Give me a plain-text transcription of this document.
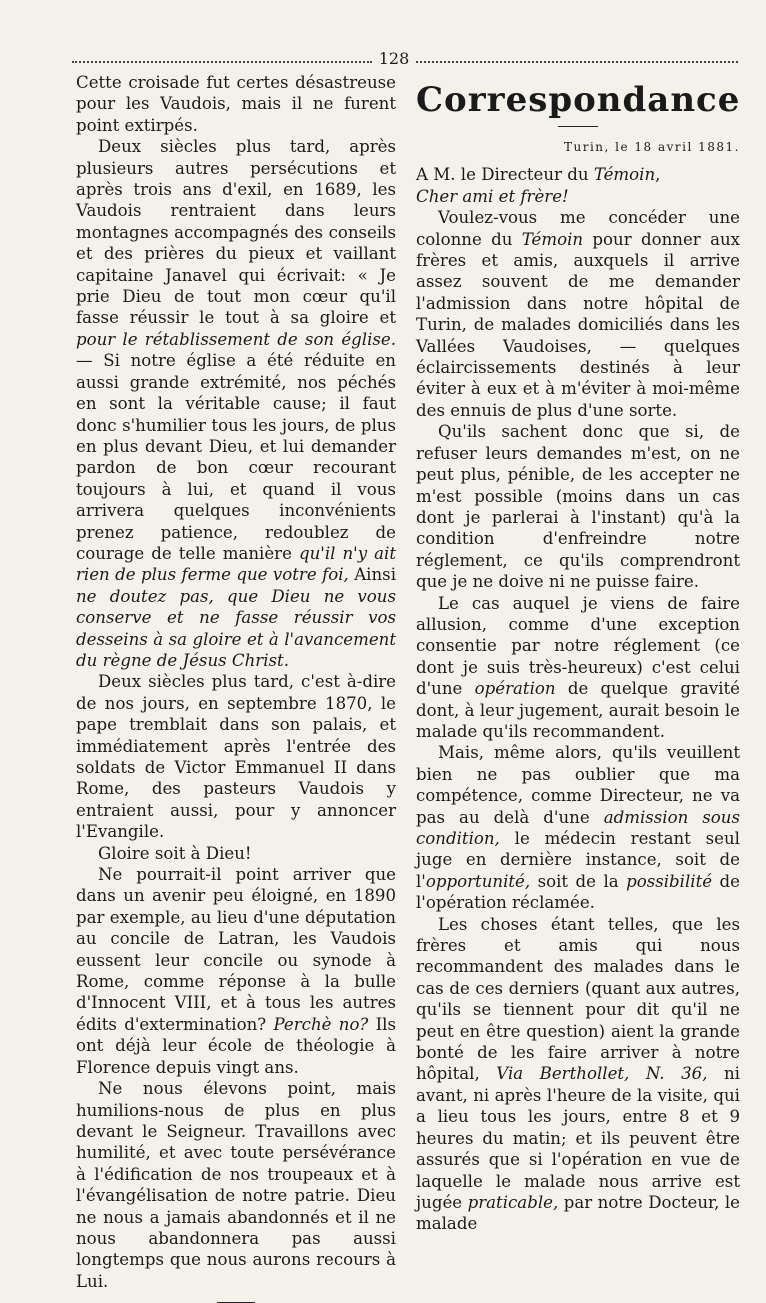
128

Cette croisade fut certes désastreuse pour les Vaudois, mais il ne furent point extirpés.

Deux siècles plus tard, après plusieurs autres persécutions et après trois ans d'exil, en 1689, les Vaudois rentraient dans leurs montagnes accompagnés des conseils et des prières du pieux et vaillant capitaine Janavel qui écrivait: « Je prie Dieu de tout mon cœur qu'il fasse réussir le tout à sa gloire et pour le rétablissement de son église. — Si notre église a été réduite en aussi grande extrémité, nos péchés en sont la véritable cause; il faut donc s'humilier tous les jours, de plus en plus devant Dieu, et lui demander pardon de bon cœur recourant toujours à lui, et quand il vous arrivera quelques inconvénients prenez patience, redoublez de courage de telle manière qu'il n'y ait rien de plus ferme que votre foi, Ainsi ne doutez pas, que Dieu ne vous conserve et ne fasse réussir vos desseins à sa gloire et à l'avancement du règne de Jésus Christ.

Deux siècles plus tard, c'est à-dire de nos jours, en septembre 1870, le pape tremblait dans son palais, et immédiatement après l'entrée des soldats de Victor Emmanuel II dans Rome, des pasteurs Vaudois y entraient aussi, pour y annoncer l'Evangile.

Gloire soit à Dieu!

Ne pourrait-il point arriver que dans un avenir peu éloigné, en 1890 par exemple, au lieu d'une députation au concile de Latran, les Vaudois eussent leur concile ou synode à Rome, comme réponse à la bulle d'Innocent VIII, et à tous les autres édits d'extermination? Perchè no? Ils ont déjà leur école de théologie à Florence depuis vingt ans.

Ne nous élevons point, mais humilions-nous de plus en plus devant le Seigneur. Travaillons avec humilité, et avec toute persévérance à l'édification de nos troupeaux et à l'évangélisation de notre patrie. Dieu ne nous a jamais abandonnés et il ne nous abandonnera pas aussi longtemps que nous aurons recours à Lui.

Correspondance
Turin, le 18 avril 1881.

A M. le Directeur du Témoin,

Cher ami et frère!

Voulez-vous me concéder une colonne du Témoin pour donner aux frères et amis, auxquels il arrive assez souvent de me demander l'admission dans notre hôpital de Turin, de malades domiciliés dans les Vallées Vaudoises, — quelques éclaircissements destinés à leur éviter à eux et à m'éviter à moi-même des ennuis de plus d'une sorte.

Qu'ils sachent donc que si, de refuser leurs demandes m'est, on ne peut plus, pénible, de les accepter ne m'est possible (moins dans un cas dont je parlerai à l'instant) qu'à la condition d'enfreindre notre réglement, ce qu'ils comprendront que je ne doive ni ne puisse faire.

Le cas auquel je viens de faire allusion, comme d'une exception consentie par notre réglement (ce dont je suis très-heureux) c'est celui d'une opération de quelque gravité dont, à leur jugement, aurait besoin le malade qu'ils recommandent.

Mais, même alors, qu'ils veuillent bien ne pas oublier que ma compétence, comme Directeur, ne va pas au delà d'une admission sous condition, le médecin restant seul juge en dernière instance, soit de l'opportunité, soit de la possibilité de l'opération réclamée.

Les choses étant telles, que les frères et amis qui nous recommandent des malades dans le cas de ces derniers (quant aux autres, qu'ils se tiennent pour dit qu'il ne peut en être question) aient la grande bonté de les faire arriver à notre hôpital, Via Berthollet, N. 36, ni avant, ni après l'heure de la visite, qui a lieu tous les jours, entre 8 et 9 heures du matin; et ils peuvent être assurés que si l'opération en vue de laquelle le malade nous arrive est jugée praticable, par notre Docteur, le malade
